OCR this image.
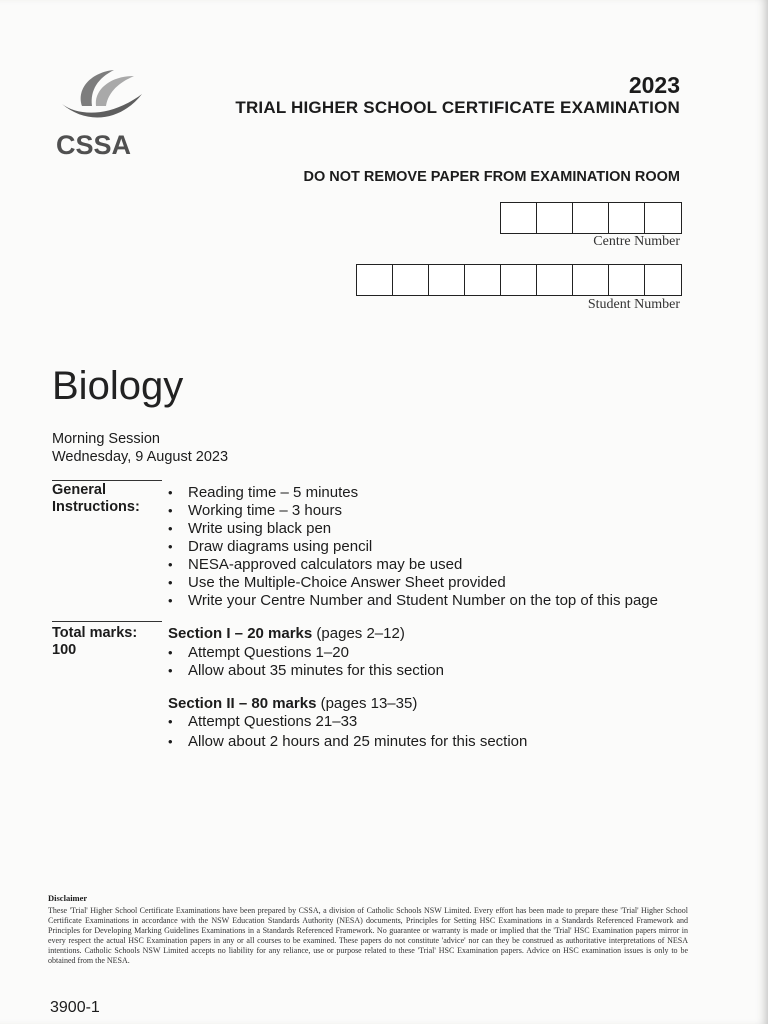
CSSA
2023
TRIAL HIGHER SCHOOL CERTIFICATE EXAMINATION
DO NOT REMOVE PAPER FROM EXAMINATION ROOM
Centre Number
Student Number
Biology
Morning Session
Wednesday, 9 August 2023
General Instructions:
• Reading time – 5 minutes
• Working time – 3 hours
• Write using black pen
• Draw diagrams using pencil
• NESA-approved calculators may be used
• Use the Multiple-Choice Answer Sheet provided
• Write your Centre Number and Student Number on the top of this page
Total marks:
100
Section I – 20 marks (pages 2–12)
• Attempt Questions 1–20
• Allow about 35 minutes for this section
Section II – 80 marks (pages 13–35)
• Attempt Questions 21–33
• Allow about 2 hours and 25 minutes for this section
Disclaimer
These 'Trial' Higher School Certificate Examinations have been prepared by CSSA, a division of Catholic Schools NSW Limited. Every effort has been made to prepare these 'Trial' Higher School Certificate Examinations in accordance with the NSW Education Standards Authority (NESA) documents, Principles for Setting HSC Examinations in a Standards Referenced Framework and Principles for Developing Marking Guidelines Examinations in a Standards Referenced Framework. No guarantee or warranty is made or implied that the 'Trial' HSC Examination papers mirror in every respect the actual HSC Examination papers in any or all courses to be examined. These papers do not constitute 'advice' nor can they be construed as authoritative interpretations of NESA intentions. Catholic Schools NSW Limited accepts no liability for any reliance, use or purpose related to these 'Trial' HSC Examination papers. Advice on HSC examination issues is only to be obtained from the NESA.
3900-1
